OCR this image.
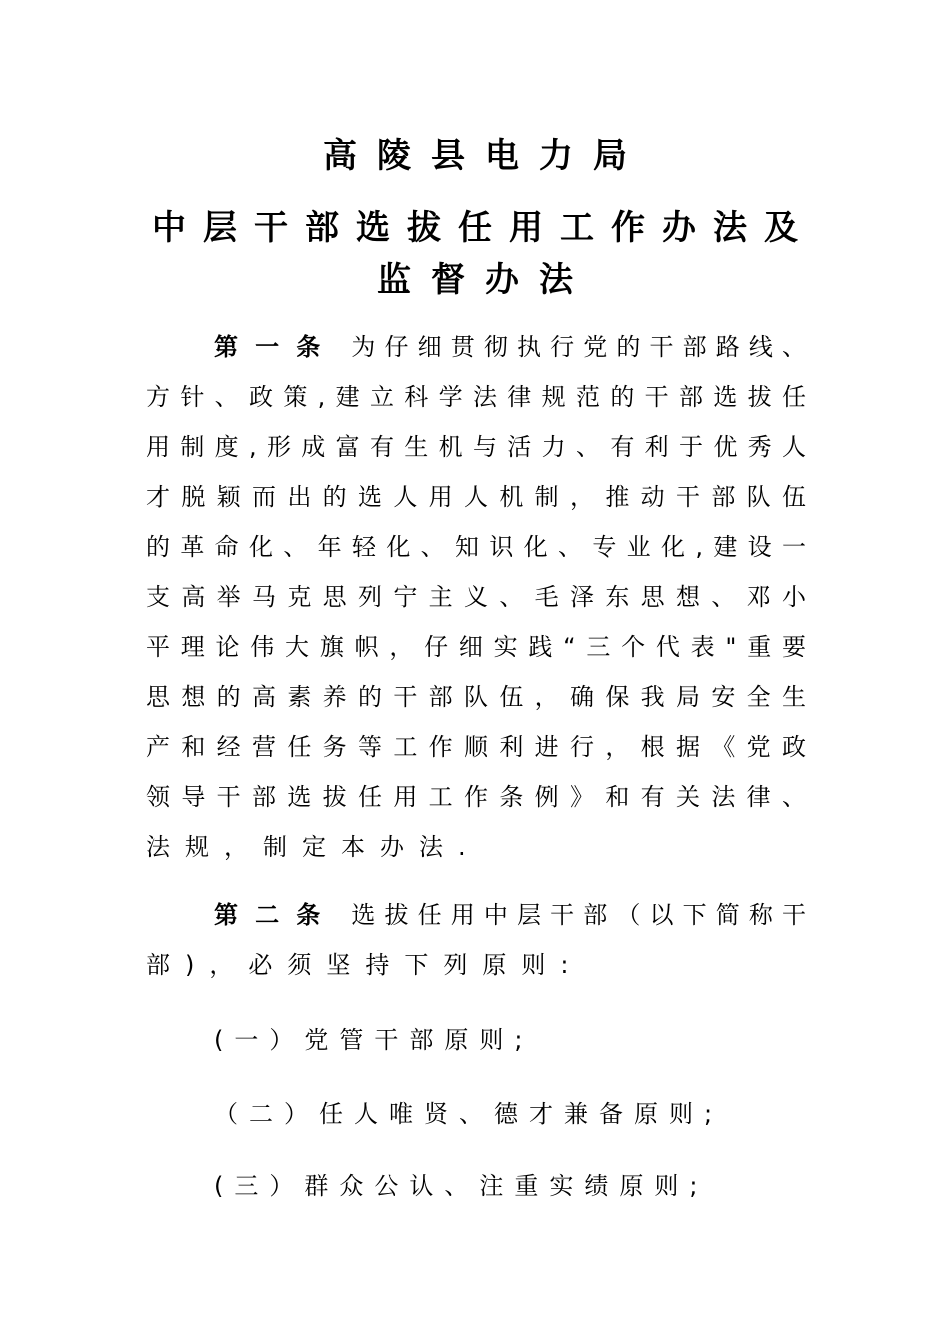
高陵县电力局
中层干部选拔任用工作办法及
监督办法
第一条 为仔细贯彻执行党的干部路线、
方针、政策,建立科学法律规范的干部选拔任
用制度,形成富有生机与活力、有利于优秀人
才脱颖而出的选人用人机制，推动干部队伍
的革命化、年轻化、知识化、专业化,建设一
支高举马克思列宁主义、毛泽东思想、邓小
平理论伟大旗帜，仔细实践“三个代表"重要
思想的高素养的干部队伍，确保我局安全生
产和经营任务等工作顺利进行，根据《党政
领导干部选拔任用工作条例》和有关法律、
法规，制定本办法.
第二条 选拔任用中层干部（以下简称干
部)，必须坚持下列原则:
(一）党管干部原则;
（二）任人唯贤、德才兼备原则;
(三）群众公认、注重实绩原则;
